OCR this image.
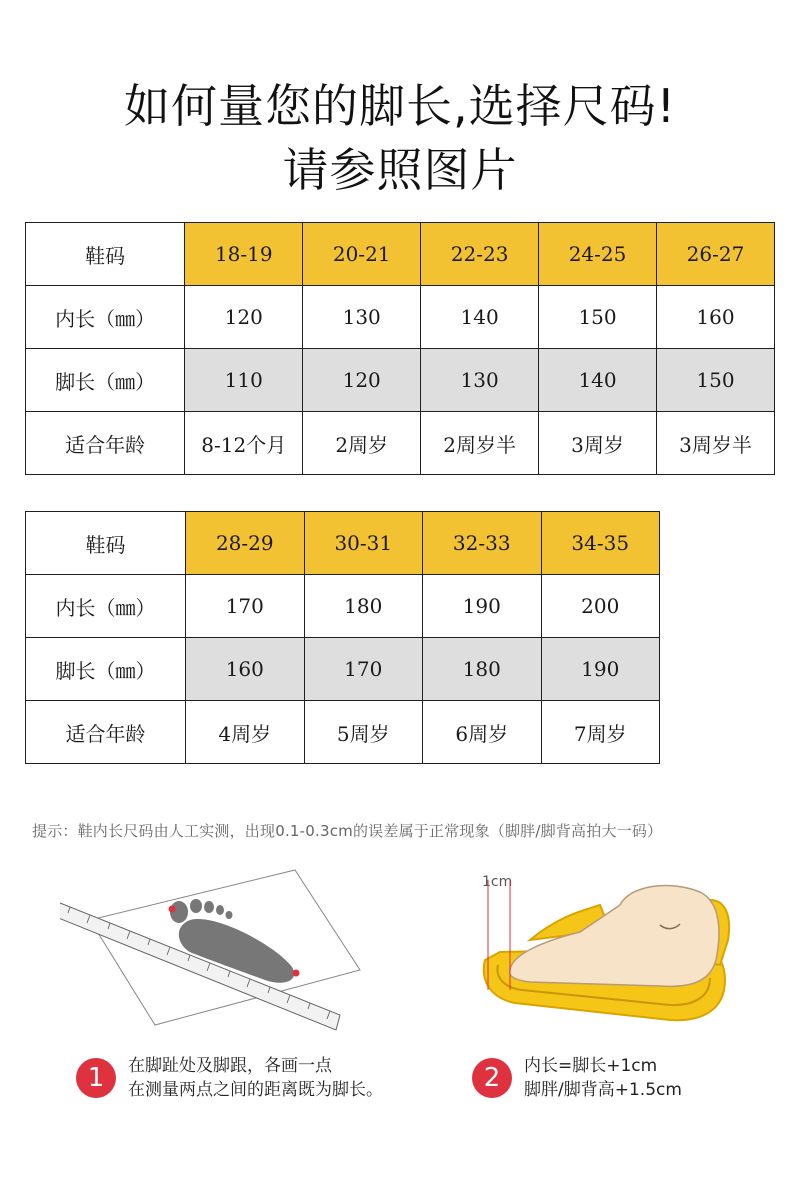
如何量您的脚长,选择尺码!
请参照图片
鞋码	18-19	20-21	22-23	24-25	26-27
内长（㎜）	120	130	140	150	160
脚长（㎜）	110	120	130	140	150
适合年龄	8-12个月	2周岁	2周岁半	3周岁	3周岁半
鞋码	28-29	30-31	32-33	34-35
内长（㎜）	170	180	190	200
脚长（㎜）	160	170	180	190
适合年龄	4周岁	5周岁	6周岁	7周岁
提示：鞋内长尺码由人工实测，出现0.1-0.3cm的误差属于正常现象（脚胖/脚背高拍大一码）
1cm
1	在脚趾处及脚跟，各画一点
在测量两点之间的距离既为脚长。	2	内长=脚长+1cm
脚胖/脚背高+1.5cm
